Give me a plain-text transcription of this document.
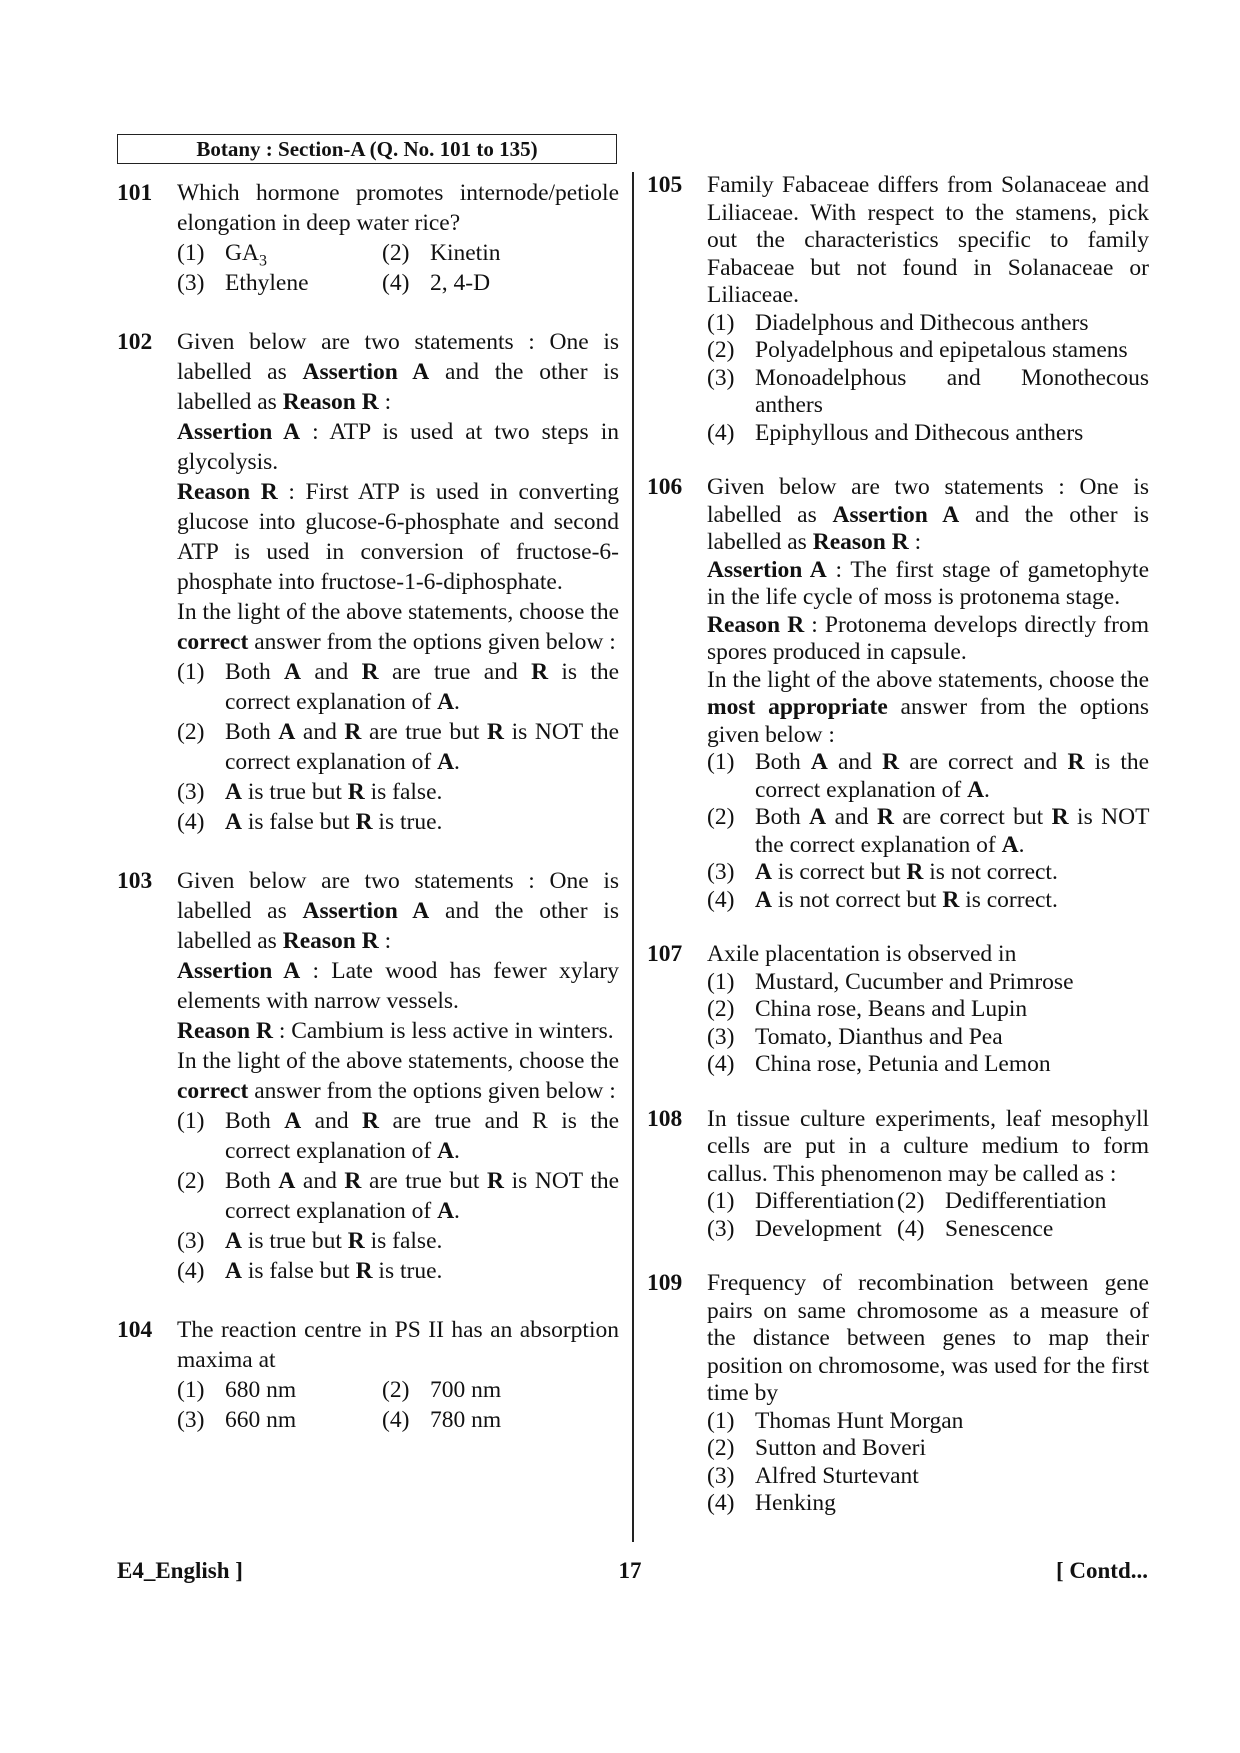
Botany : Section-A (Q. No. 101 to 135)
101 Which hormone promotes internode/petiole elongation in deep water rice?
(1) $GA_3$	(2) Kinetin
(3) Ethylene	(4) 2, 4-D
102 Given below are two statements : One is labelled as Assertion A and the other is labelled as Reason R :
Assertion A : ATP is used at two steps in glycolysis.
Reason R : First ATP is used in converting glucose into glucose-6-phosphate and second ATP is used in conversion of fructose-6-phosphate into fructose-1-6-diphosphate.
In the light of the above statements, choose the correct answer from the options given below :
(1) Both A and R are true and R is the correct explanation of A.
(2) Both A and R are true but R is NOT the correct explanation of A.
(3) A is true but R is false.
(4) A is false but R is true.
103 Given below are two statements : One is labelled as Assertion A and the other is labelled as Reason R :
Assertion A : Late wood has fewer xylary elements with narrow vessels.
Reason R : Cambium is less active in winters.
In the light of the above statements, choose the correct answer from the options given below :
(1) Both A and R are true and R is the correct explanation of A.
(2) Both A and R are true but R is NOT the correct explanation of A.
(3) A is true but R is false.
(4) A is false but R is true.
104 The reaction centre in PS II has an absorption maxima at
(1) 680 nm	(2) 700 nm
(3) 660 nm	(4) 780 nm
105 Family Fabaceae differs from Solanaceae and Liliaceae. With respect to the stamens, pick out the characteristics specific to family Fabaceae but not found in Solanaceae or Liliaceae.
(1) Diadelphous and Dithecous anthers
(2) Polyadelphous and epipetalous stamens
(3) Monoadelphous and Monothecous anthers
(4) Epiphyllous and Dithecous anthers
106 Given below are two statements : One is labelled as Assertion A and the other is labelled as Reason R :
Assertion A : The first stage of gametophyte in the life cycle of moss is protonema stage.
Reason R : Protonema develops directly from spores produced in capsule.
In the light of the above statements, choose the most appropriate answer from the options given below :
(1) Both A and R are correct and R is the correct explanation of A.
(2) Both A and R are correct but R is NOT the correct explanation of A.
(3) A is correct but R is not correct.
(4) A is not correct but R is correct.
107 Axile placentation is observed in
(1) Mustard, Cucumber and Primrose
(2) China rose, Beans and Lupin
(3) Tomato, Dianthus and Pea
(4) China rose, Petunia and Lemon
108 In tissue culture experiments, leaf mesophyll cells are put in a culture medium to form callus. This phenomenon may be called as :
(1) Differentiation (2) Dedifferentiation
(3) Development (4) Senescence
109 Frequency of recombination between gene pairs on same chromosome as a measure of the distance between genes to map their position on chromosome, was used for the first time by
(1) Thomas Hunt Morgan
(2) Sutton and Boveri
(3) Alfred Sturtevant
(4) Henking
E4_English ]	17	[ Contd...
